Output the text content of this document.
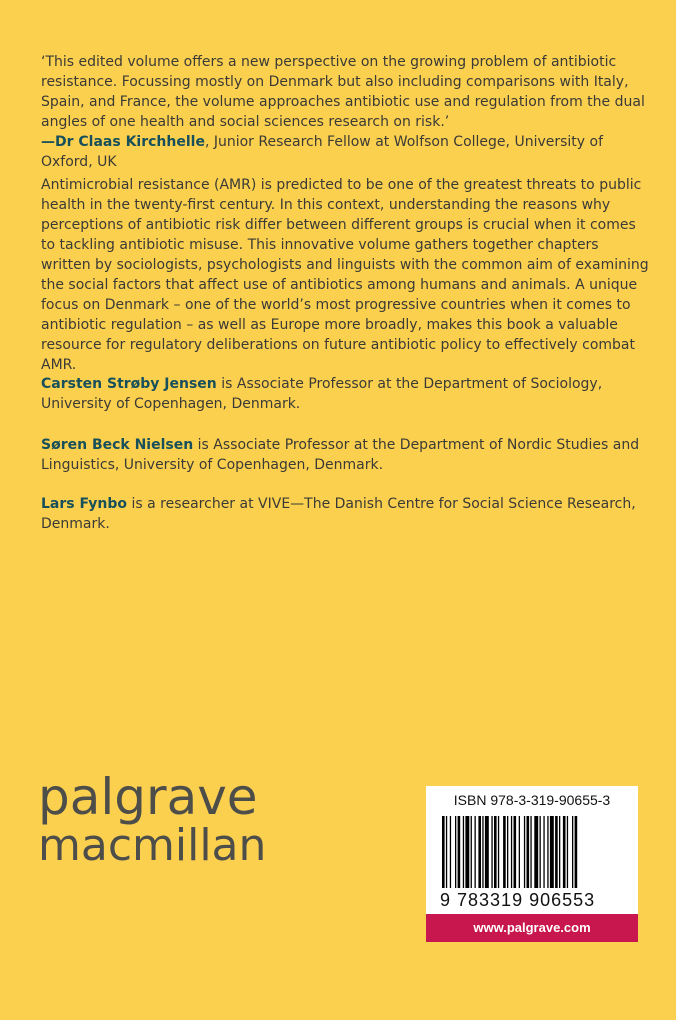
‘This edited volume offers a new perspective on the growing problem of antibiotic resistance. Focussing mostly on Denmark but also including comparisons with Italy, Spain, and France, the volume approaches antibiotic use and regulation from the dual angles of one health and social sciences research on risk.’
—Dr Claas Kirchhelle, Junior Research Fellow at Wolfson College, University of Oxford, UK

Antimicrobial resistance (AMR) is predicted to be one of the greatest threats to public health in the twenty-first century. In this context, understanding the reasons why perceptions of antibiotic risk differ between different groups is crucial when it comes to tackling antibiotic misuse. This innovative volume gathers together chapters written by sociologists, psychologists and linguists with the common aim of examining the social factors that affect use of antibiotics among humans and animals. A unique focus on Denmark – one of the world’s most progressive countries when it comes to antibiotic regulation – as well as Europe more broadly, makes this book a valuable resource for regulatory deliberations on future antibiotic policy to effectively combat AMR.

Carsten Strøby Jensen is Associate Professor at the Department of Sociology, University of Copenhagen, Denmark.

Søren Beck Nielsen is Associate Professor at the Department of Nordic Studies and Linguistics, University of Copenhagen, Denmark.

Lars Fynbo is a researcher at VIVE—The Danish Centre for Social Science Research, Denmark.

palgrave
macmillan
ISBN 978-3-319-90655-3
9 783319 906553
www.palgrave.com
